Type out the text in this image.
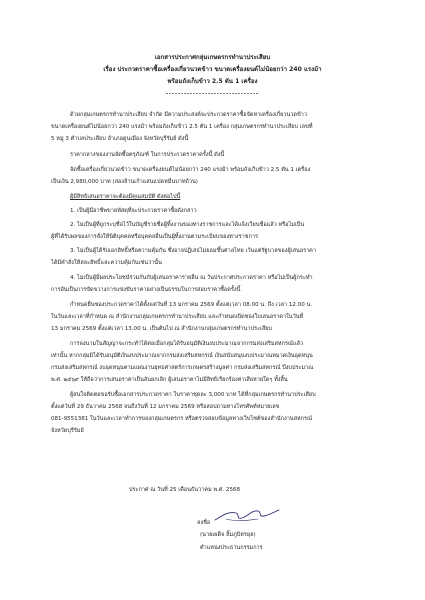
เอกสารประกาศกลุ่มเกษตรกรทำนาประเสียบ
เรื่อง ประกวดราคาซื้อเครื่องเกี่ยวนวดข้าว ขนาดเครื่องยนต์ไม่น้อยกว่า 240 แรงม้า
พร้อมถังเก็บข้าว 2.5 ตัน 1 เครื่อง
ด้วยกลุ่มเกษตรกรทำนาประเสียบ จำกัด มีความประสงค์จะประกวดราคาซื้อจัดหาเครื่องเกี่ยวนวดข้าว
ขนาดเครื่องยนต์ไม่น้อยกว่า 240 แรงม้า พร้อมถังเก็บข้าว 2.5 ตัน 1 เครื่อง กลุ่มเกษตรกรทำนาประเสียบ เลขที่
5 หมู่ 3 ตำบลประเสียบ อำเภอดูนเมือง จังหวัดบุรีรัมย์ ดังนี้
ราคากลางของงานจัดซื้อครุภัณฑ์ ในการประกวดราคาครั้งนี้ ดังนี้
จัดซื้อเครื่องเกี่ยวนวดข้าว ขนาดเครื่องยนต์ไม่น้อยกว่า 240 แรงม้า พร้อมถังเก็บข้าว 2.5 ตัน 1 เครื่อง
เป็นเงิน 2,980,000 บาท (สองล้านเก้าแสนแปดหมื่นบาทถ้วน)
ผู้มีสิทธิเสนอราคาจะต้องมีคุณสมบัติ ดังต่อไปนี้
1. เป็นผู้มีอาชีพขายพัสดุที่จะประกวดราคาซื้อดังกล่าว
2. ไม่เป็นผู้ที่ถูกระบุชื่อไว้ในบัญชีรายชื่อผู้ทิ้งงานของทางราชการและได้แจ้งเวียนชื่อแล้ว หรือไม่เป็น
ผู้ที่ได้รับผลของการสั่งให้นิติบุคคลหรือบุคคลอื่นเป็นผู้ทิ้งงานตามระเบียบของทางราชการ
3. ไม่เป็นผู้ได้รับเอกสิทธิ์หรือความคุ้มกัน ซึ่งอาจปฏิเสธไม่ยอมขึ้นศาลไทย เว้นแต่รัฐบาลของผู้เสนอราคา
ได้มีคำสั่งให้สละสิทธิ์และความคุ้มกันเช่นว่านั้น
4. ไม่เป็นผู้มีผลประโยชน์ร่วมกันกับผู้เสนอราคารายอื่น ณ วันประกาศประกวดราคา หรือไม่เป็นผู้กระทำ
การอันเป็นการขัดขวางการแข่งขันราคาอย่างเป็นธรรมในการสอบราคาซื้อครั้งนี้
กำหนดยื่นซองประกวดราคาได้ตั้งแต่วันที่ 13 มกราคม 2569 ตั้งแต่เวลา 08.00 น. ถึง เวลา 12.00 น.
ในวันและเวลาที่กำหนด ณ สำนักงานกลุ่มเกษตรกรทำนาประเสียบ และกำหนดเปิดซองใบเสนอราคาในวันที่
13 มกราคม 2569 ตั้งแต่เวลา 13.00 น. เป็นต้นไป ณ สำนักงานกลุ่มเกษตรกรทำนาประเสียบ
การลงนามในสัญญาจะกระทำได้ต่อเมื่อกลุ่มได้รับอนุมัติเงินงบประมาณจากกรมส่งเสริมสหกรณ์แล้ว
เท่านั้น หากกลุ่มมิได้รับอนุมัติเงินงบประมาณจากกรมส่งเสริมสหกรณ์ เงินสนับสนุนงบประมาณหมวดเงินอุดหนุน
กรมส่งเสริมสหกรณ์ งบอุดหนุนตามแผนงานยุทธศาสตร์การเกษตรสร้างมูลค่า กรมส่งเสริมสหกรณ์ ปีงบประมาณ
พ.ศ. ๒๕๖๙ ให้ถือว่าการเสนอราคาเป็นอันยกเลิก ผู้เสนอราคาไม่มีสิทธิเรียกร้องค่าเสียหายใดๆ ทั้งสิ้น
ผู้สนใจติดต่อขอรับซื้อเอกสารประกวดราคา ในราคาชุดละ 3,000 บาท ได้ที่กลุ่มเกษตรกรทำนาประเสียบ
ตั้งแต่วันที่ 29 ธันวาคม 2568 จนถึงวันที่ 12 มกราคม 2569 หรือสอบถามทางโทรศัพท์หมายเลข
081-9551381 ในวันและเวลาทำการของกลุ่มเกษตรกร หรือตรวจสอบข้อมูลทางเว็บไซต์ของสำนักงานสหกรณ์
จังหวัดบุรีรัมย์
ประกาศ ณ วันที่ 25 เดือนธันวาคม พ.ศ. 2568
ลงชื่อ
(นายเผด็จ ลิ้มภูบิตรยุล)
ตำแหน่งประธานกรรมการ
